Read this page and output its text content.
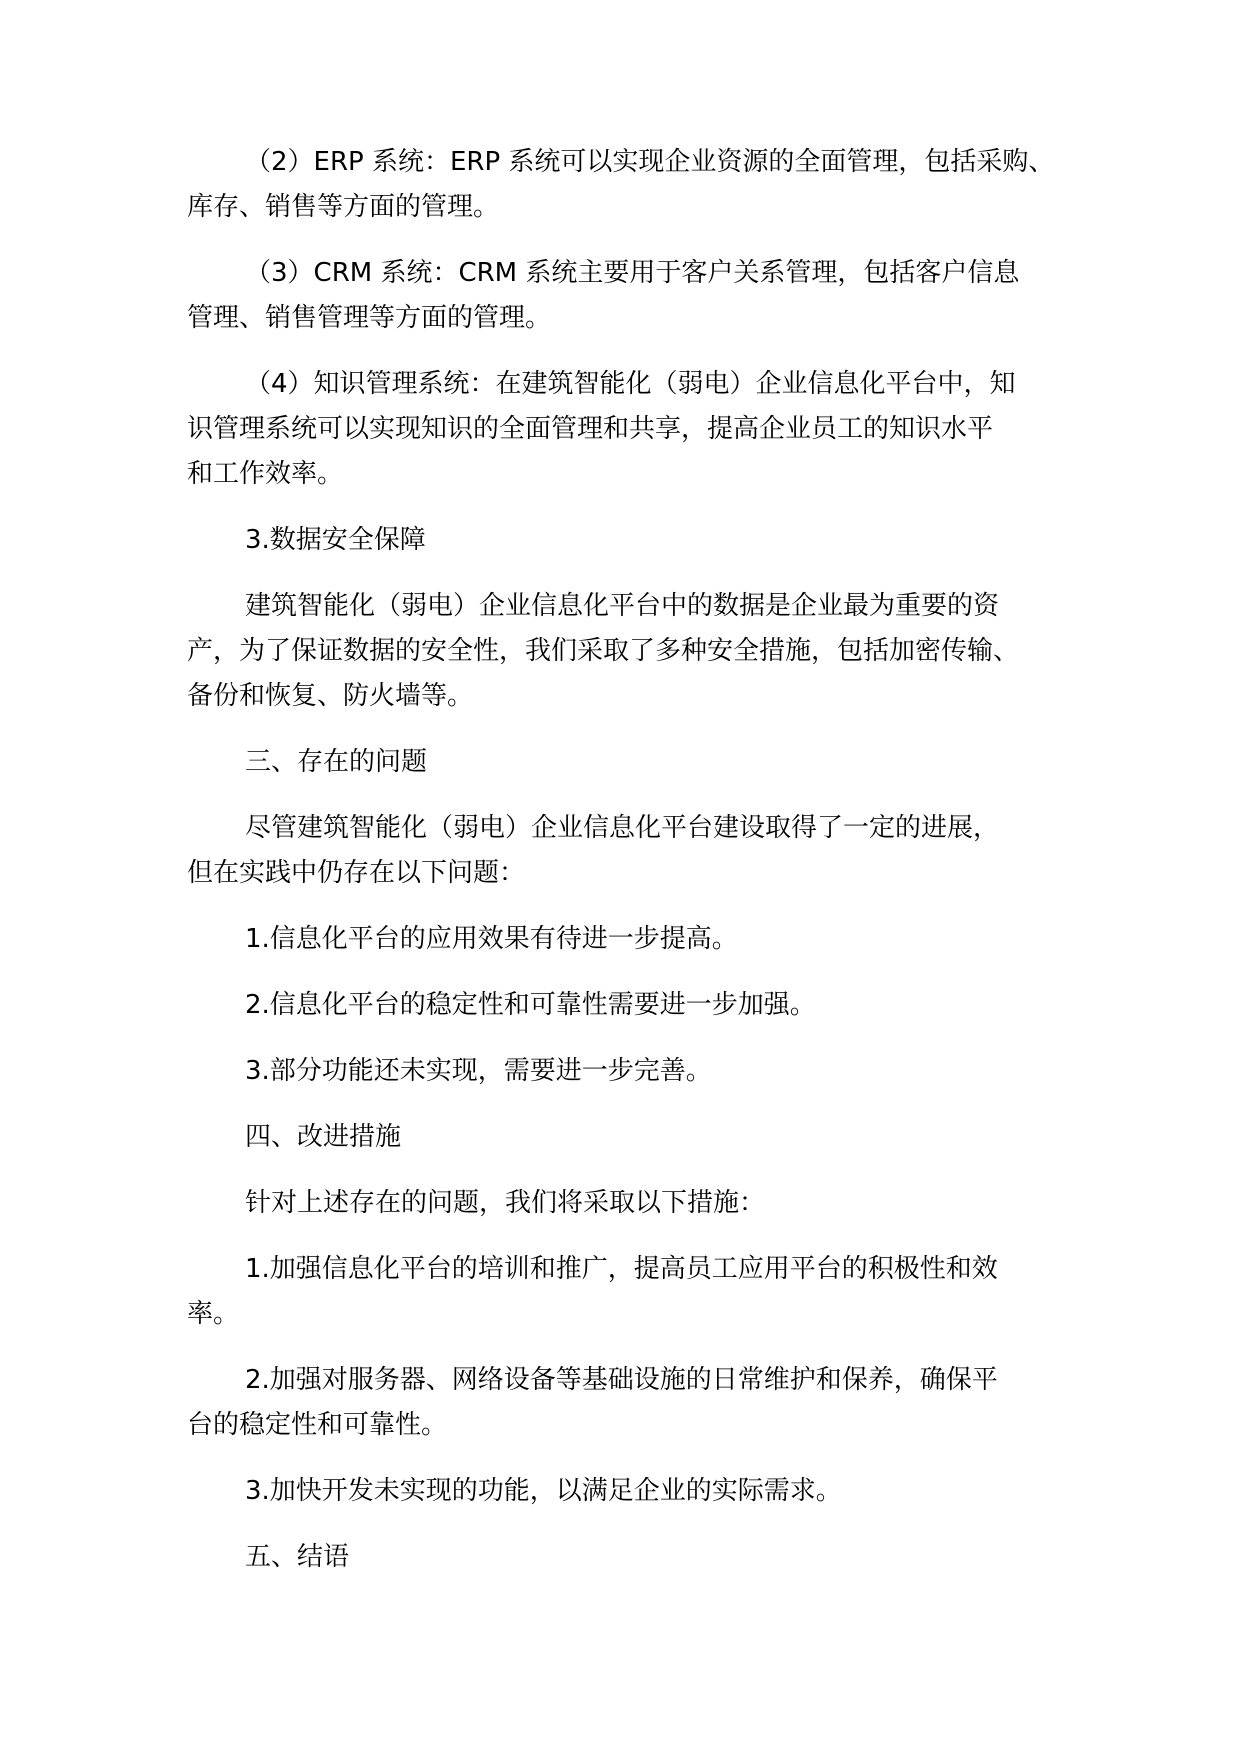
（2）ERP 系统：ERP 系统可以实现企业资源的全面管理，包括采购、
库存、销售等方面的管理。

（3）CRM 系统：CRM 系统主要用于客户关系管理，包括客户信息
管理、销售管理等方面的管理。

（4）知识管理系统：在建筑智能化（弱电）企业信息化平台中，知
识管理系统可以实现知识的全面管理和共享，提高企业员工的知识水平
和工作效率。

3.数据安全保障

建筑智能化（弱电）企业信息化平台中的数据是企业最为重要的资
产，为了保证数据的安全性，我们采取了多种安全措施，包括加密传输、
备份和恢复、防火墙等。

三、存在的问题

尽管建筑智能化（弱电）企业信息化平台建设取得了一定的进展，
但在实践中仍存在以下问题：

1.信息化平台的应用效果有待进一步提高。

2.信息化平台的稳定性和可靠性需要进一步加强。

3.部分功能还未实现，需要进一步完善。

四、改进措施

针对上述存在的问题，我们将采取以下措施：

1.加强信息化平台的培训和推广，提高员工应用平台的积极性和效
率。

2.加强对服务器、网络设备等基础设施的日常维护和保养，确保平
台的稳定性和可靠性。

3.加快开发未实现的功能，以满足企业的实际需求。

五、结语
